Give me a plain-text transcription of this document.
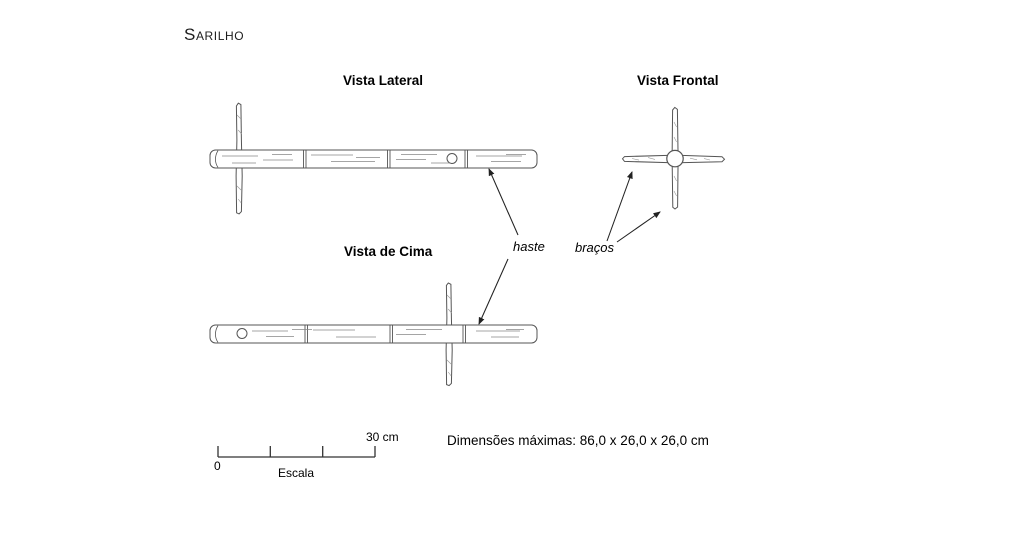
Sarilho
Vista Lateral	Vista Frontal
Vista de Cima	haste braços
Dimensões máximas: 86,0 x 26,0 x 26,0 cm
0
30 cm
Escala
